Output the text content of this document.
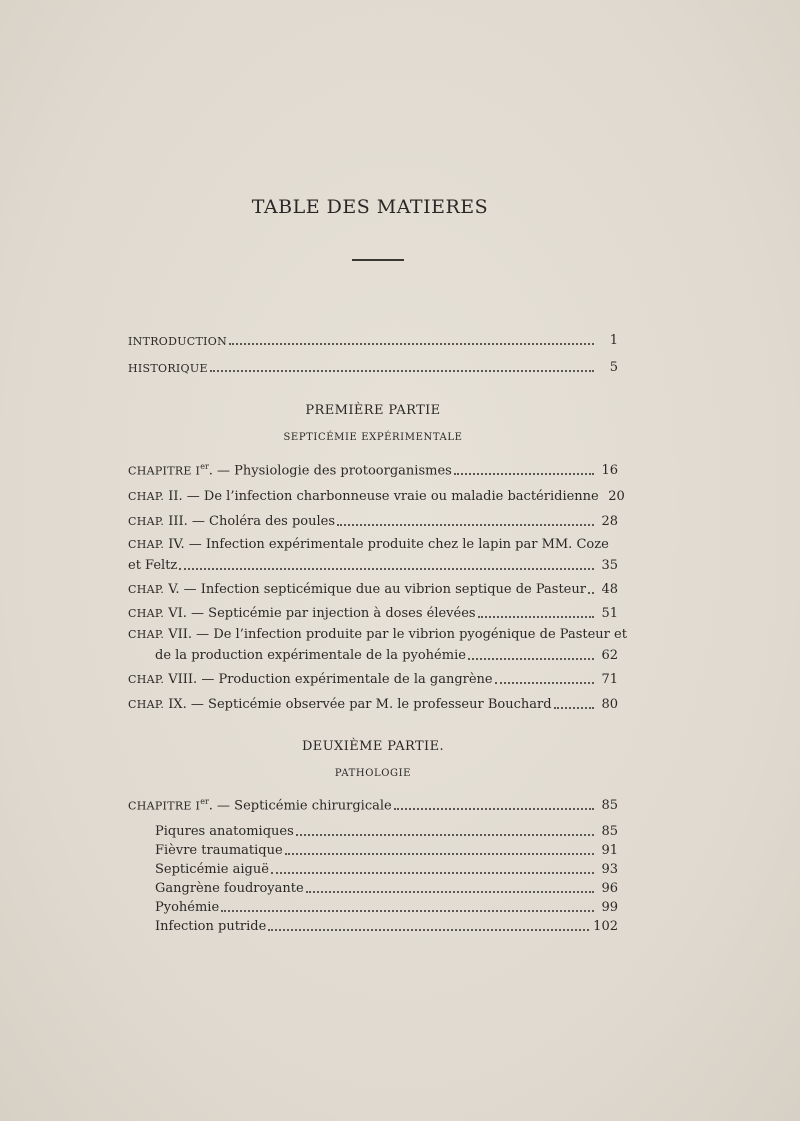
TABLE DES MATIERES
INTRODUCTION	1
HISTORIQUE	5
PREMIÈRE PARTIE
SEPTICÉMIE EXPÉRIMENTALE
CHAPITRE Ier. — Physiologie des protoorganismes	16
CHAP. II. — De l’infection charbonneuse vraie ou maladie bactéridienne 20
CHAP. III. — Choléra des poules	28
CHAP. IV. — Infection expérimentale produite chez le lapin par MM. Coze
et Feltz	35
CHAP. V. — Infection septicémique due au vibrion septique de Pasteur 48
CHAP. VI. — Septicémie par injection à doses élevées	51
CHAP. VII. — De l’infection produite par le vibrion pyogénique de Pasteur et
de la production expérimentale de la pyohémie	62
CHAP. VIII. — Production expérimentale de la gangrène	71
CHAP. IX. — Septicémie observée par M. le professeur Bouchard	80
DEUXIÈME PARTIE.
PATHOLOGIE
CHAPITRE Ier. — Septicémie chirurgicale	85
Piqures anatomiques	85
Fièvre traumatique	91
Septicémie aiguë	93
Gangrène foudroyante	96
Pyohémie	99
Infection putride	102
